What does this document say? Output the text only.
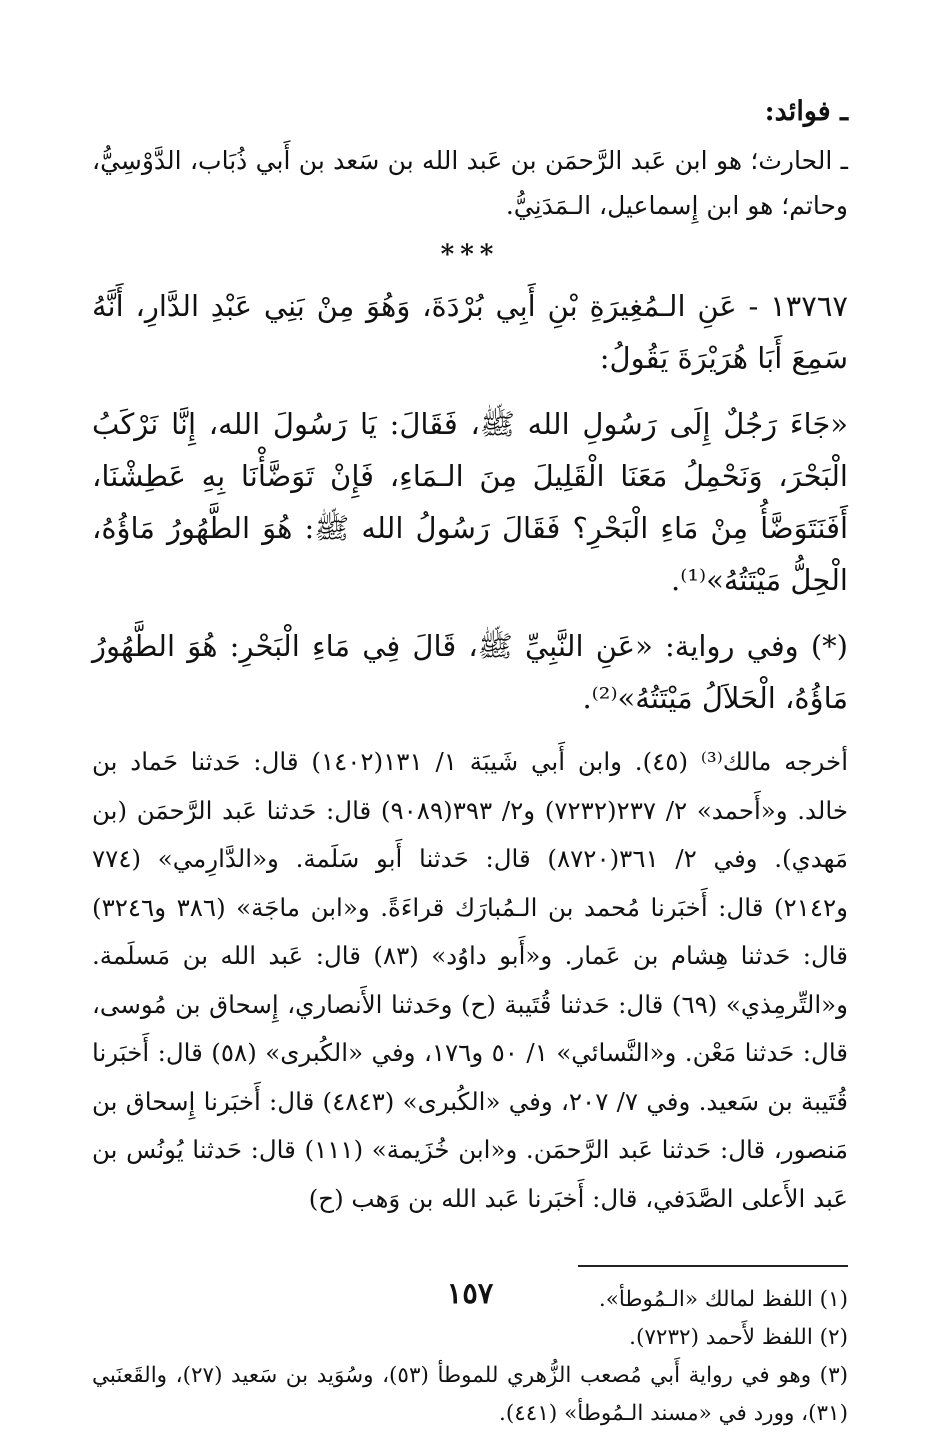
ـ فوائد:

ـ الحارث؛ هو ابن عَبد الرَّحمَن بن عَبد الله بن سَعد بن أَبي ذُبَاب، الدَّوْسِيُّ، وحاتم؛ هو ابن إِسماعيل، الـمَدَنِيُّ.

***

١٣٧٦٧ - عَنِ الـمُغِيرَةِ بْنِ أَبِي بُرْدَةَ، وَهُوَ مِنْ بَنِي عَبْدِ الدَّارِ، أَنَّهُ سَمِعَ أَبَا هُرَيْرَةَ يَقُولُ:

«جَاءَ رَجُلٌ إِلَى رَسُولِ الله ﷺ، فَقَالَ: يَا رَسُولَ الله، إِنَّا نَرْكَبُ الْبَحْرَ، وَنَحْمِلُ مَعَنَا الْقَلِيلَ مِنَ الـمَاءِ، فَإِنْ تَوَضَّأْنَا بِهِ عَطِشْنَا، أَفَنَتَوَضَّأُ مِنْ مَاءِ الْبَحْرِ؟ فَقَالَ رَسُولُ الله ﷺ: هُوَ الطَّهُورُ مَاؤُهُ، الْحِلُّ مَيْتَتُهُ»⁽¹⁾.

(*) وفي رواية: «عَنِ النَّبِيِّ ﷺ، قَالَ فِي مَاءِ الْبَحْرِ: هُوَ الطَّهُورُ مَاؤُهُ، الْحَلاَلُ مَيْتَتُهُ»⁽²⁾.

أخرجه مالك⁽³⁾ (٤٥). وابن أَبي شَيبَة ١/ ١٣١(١٤٠٢) قال: حَدثنا حَماد بن خالد. و«أَحمد» ٢/ ٢٣٧(٧٢٣٢) و٢/ ٣٩٣(٩٠٨٩) قال: حَدثنا عَبد الرَّحمَن (بن مَهدي). وفي ٢/ ٣٦١(٨٧٢٠) قال: حَدثنا أَبو سَلَمة. و«الدَّارِمي» (٧٧٤ و٢١٤٢) قال: أَخبَرنا مُحمد بن الـمُبارَك قراءَةً. و«ابن ماجَة» (٣٨٦ و٣٢٤٦) قال: حَدثنا هِشام بن عَمار. و«أَبو داوُد» (٨٣) قال: عَبد الله بن مَسلَمة. و«التِّرمِذي» (٦٩) قال: حَدثنا قُتَيبة (ح) وحَدثنا الأَنصاري، إِسحاق بن مُوسى، قال: حَدثنا مَعْن. و«النَّسائي» ١/ ٥٠ و١٧٦، وفي «الكُبرى» (٥٨) قال: أَخبَرنا قُتَيبة بن سَعيد. وفي ٧/ ٢٠٧، وفي «الكُبرى» (٤٨٤٣) قال: أَخبَرنا إِسحاق بن مَنصور، قال: حَدثنا عَبد الرَّحمَن. و«ابن خُزَيمة» (١١١) قال: حَدثنا يُونُس بن عَبد الأَعلى الصَّدَفي، قال: أَخبَرنا عَبد الله بن وَهب (ح)

(١) اللفظ لمالك «الـمُوطأ».

(٢) اللفظ لأَحمد (٧٢٣٢).

(٣) وهو في رواية أَبي مُصعب الزُّهري للموطأ (٥٣)، وسُوَيد بن سَعيد (٢٧)، والقَعنَبي (٣١)، وورد في «مسند الـمُوطأ» (٤٤١).

١٥٧
